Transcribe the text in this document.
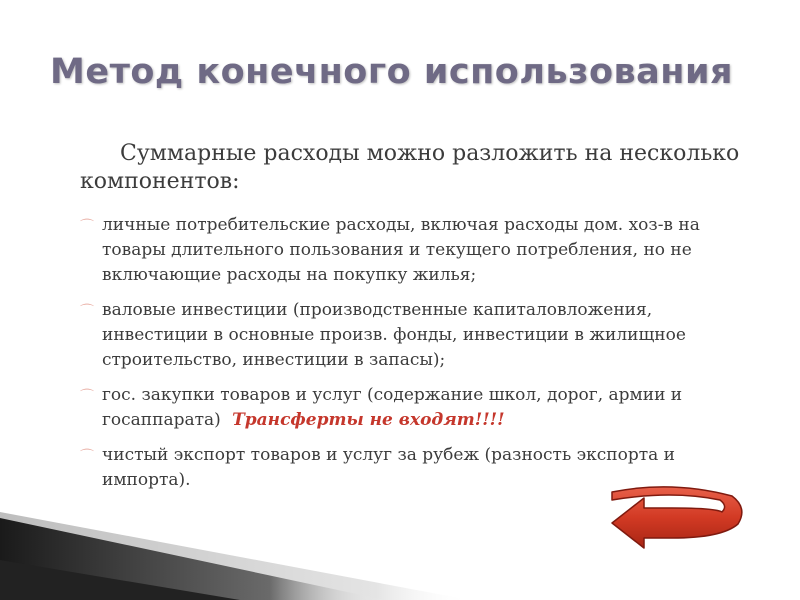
Метод конечного использования
Суммарные расходы можно разложить на несколько компонентов:
⌒ личные потребительские расходы, включая расходы дом. хоз-в на товары длительного пользования и текущего потребления, но не включающие расходы на покупку жилья;
⌒ валовые инвестиции (производственные капиталовложения, инвестиции в основные произв. фонды, инвестиции в жилищное строительство, инвестиции в запасы);
⌒ гос. закупки товаров и услуг (содержание школ, дорог, армии и госаппарата)  Трансферты не входят!!!!
⌒ чистый экспорт товаров и услуг за рубеж (разность экспорта и импорта).
